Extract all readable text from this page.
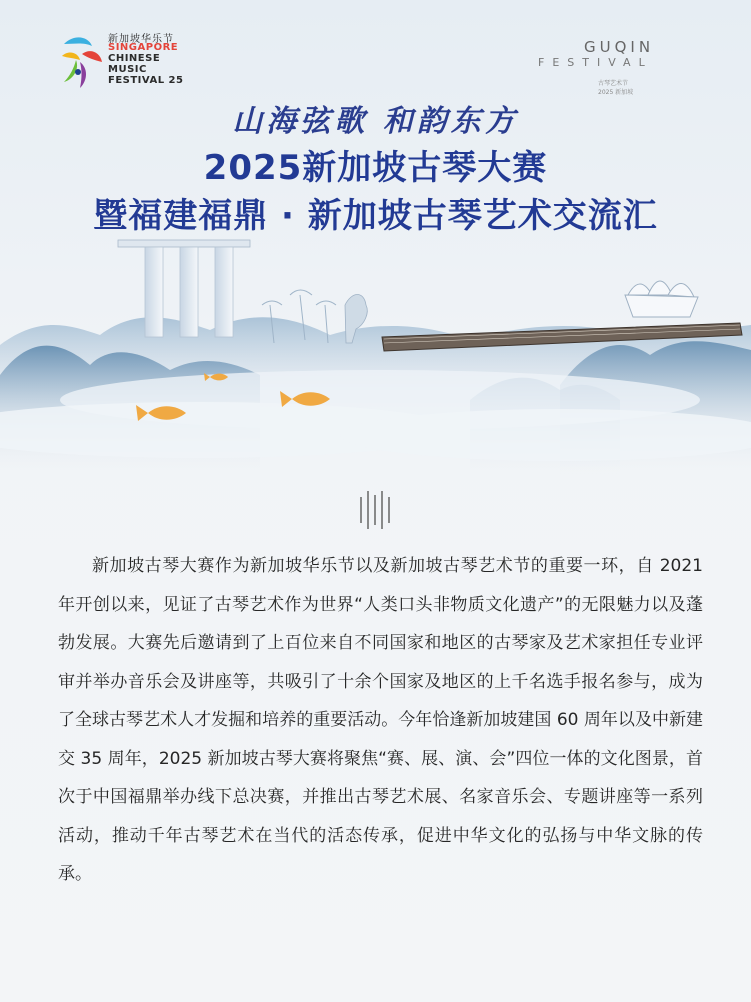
新加坡华乐节
SINGAPORE
CHINESE
MUSIC
FESTIVAL 25
GUQIN
FESTIVAL
古琴艺术节
2025 新加坡
山海弦歌 和韵东方
2025新加坡古琴大赛
暨福建福鼎 · 新加坡古琴艺术交流汇

新加坡古琴大赛作为新加坡华乐节以及新加坡古琴艺术节的重要一环，自 2021 年开创以来，见证了古琴艺术作为世界“人类口头非物质文化遗产”的无限魅力以及蓬勃发展。大赛先后邀请到了上百位来自不同国家和地区的古琴家及艺术家担任专业评审并举办音乐会及讲座等，共吸引了十余个国家及地区的上千名选手报名参与，成为了全球古琴艺术人才发掘和培养的重要活动。今年恰逢新加坡建国 60 周年以及中新建交 35 周年，2025 新加坡古琴大赛将聚焦“赛、展、演、会”四位一体的文化图景，首次于中国福鼎举办线下总决赛，并推出古琴艺术展、名家音乐会、专题讲座等一系列活动，推动千年古琴艺术在当代的活态传承，促进中华文化的弘扬与中华文脉的传承。
